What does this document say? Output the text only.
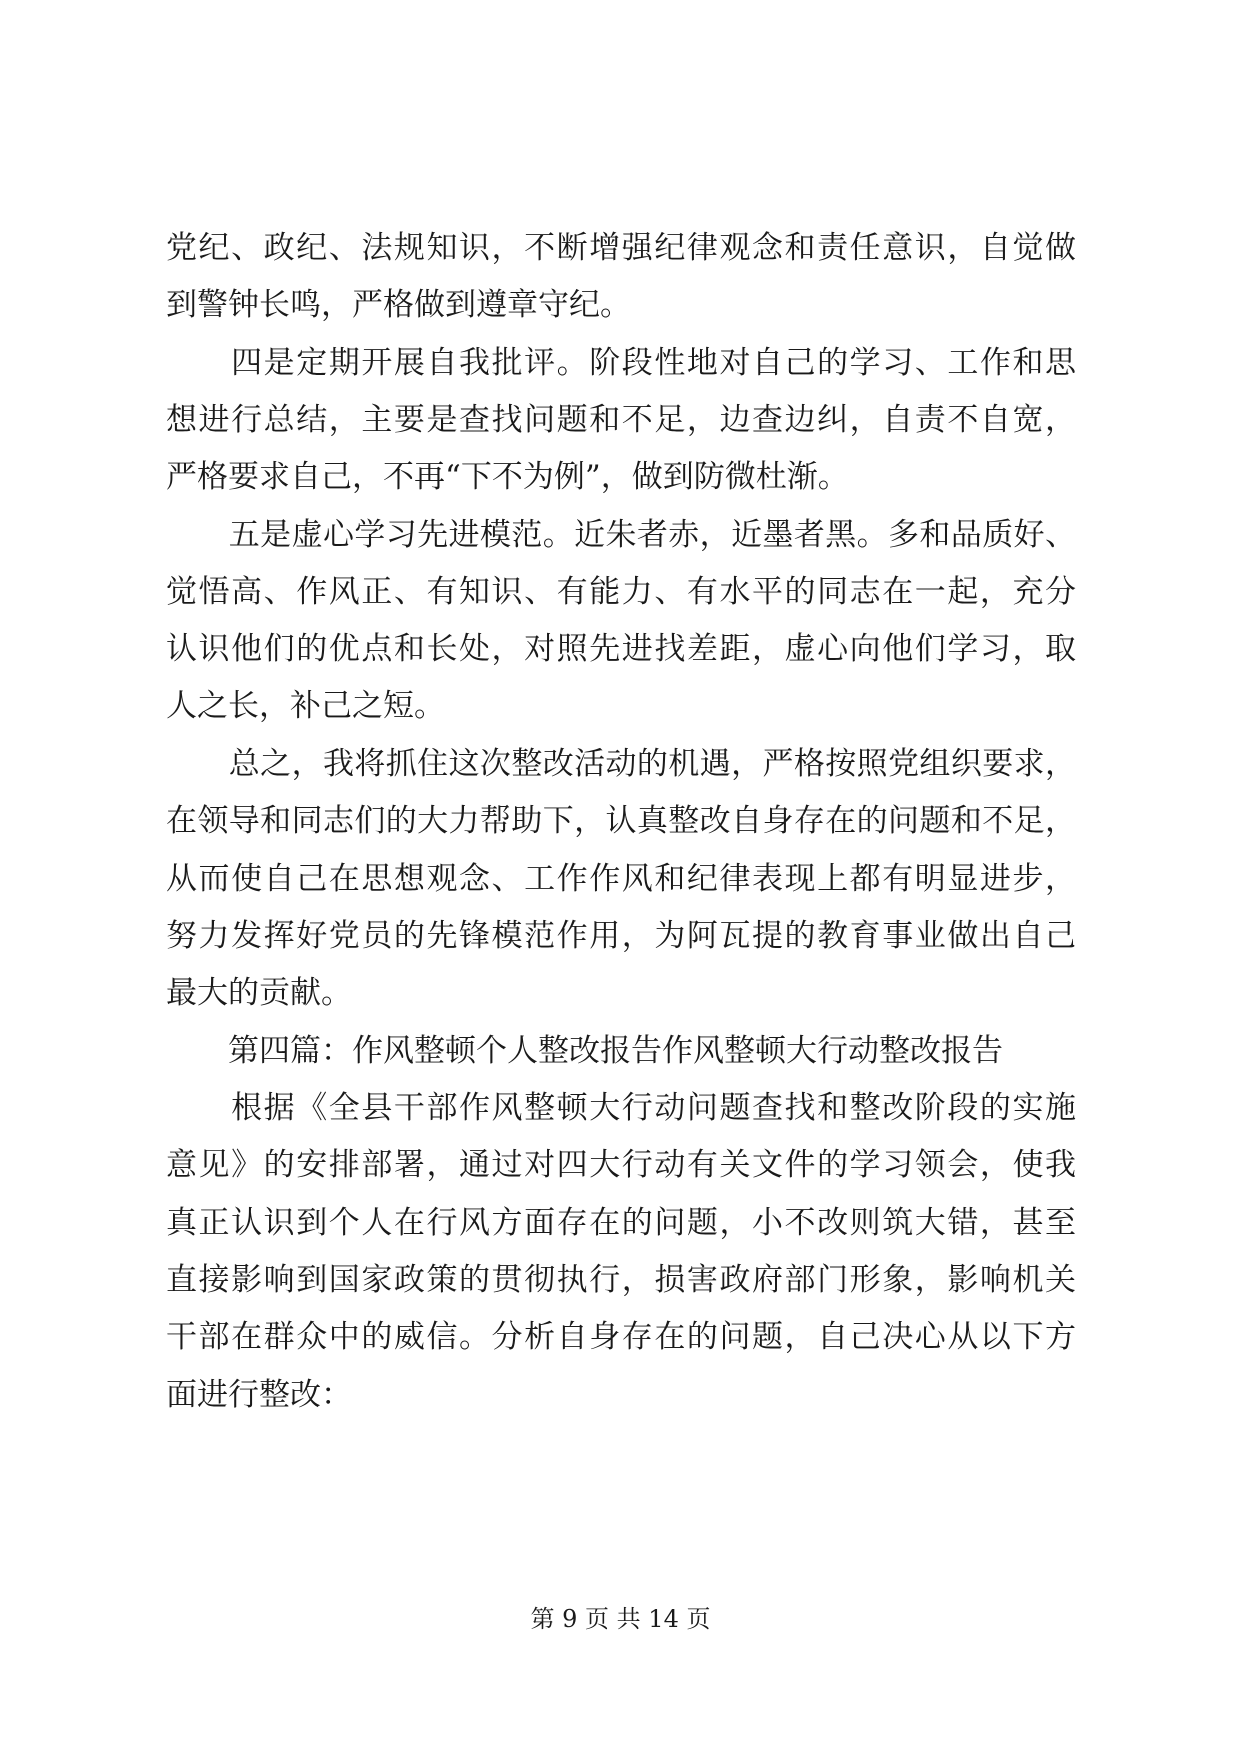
党纪、政纪、法规知识，不断增强纪律观念和责任意识，自觉做
到警钟长鸣，严格做到遵章守纪。
　　四是定期开展自我批评。阶段性地对自己的学习、工作和思
想进行总结，主要是查找问题和不足，边查边纠，自责不自宽，
严格要求自己，不再“下不为例”，做到防微杜渐。
　　五是虚心学习先进模范。近朱者赤，近墨者黑。多和品质好、
觉悟高、作风正、有知识、有能力、有水平的同志在一起，充分
认识他们的优点和长处，对照先进找差距，虚心向他们学习，取
人之长，补己之短。
　　总之，我将抓住这次整改活动的机遇，严格按照党组织要求，
在领导和同志们的大力帮助下，认真整改自身存在的问题和不足，
从而使自己在思想观念、工作作风和纪律表现上都有明显进步，
努力发挥好党员的先锋模范作用，为阿瓦提的教育事业做出自己
最大的贡献。
　　第四篇：作风整顿个人整改报告作风整顿大行动整改报告
　　根据《全县干部作风整顿大行动问题查找和整改阶段的实施
意见》的安排部署，通过对四大行动有关文件的学习领会，使我
真正认识到个人在行风方面存在的问题，小不改则筑大错，甚至
直接影响到国家政策的贯彻执行，损害政府部门形象，影响机关
干部在群众中的威信。分析自身存在的问题，自己决心从以下方
面进行整改：
第 9 页 共 14 页
